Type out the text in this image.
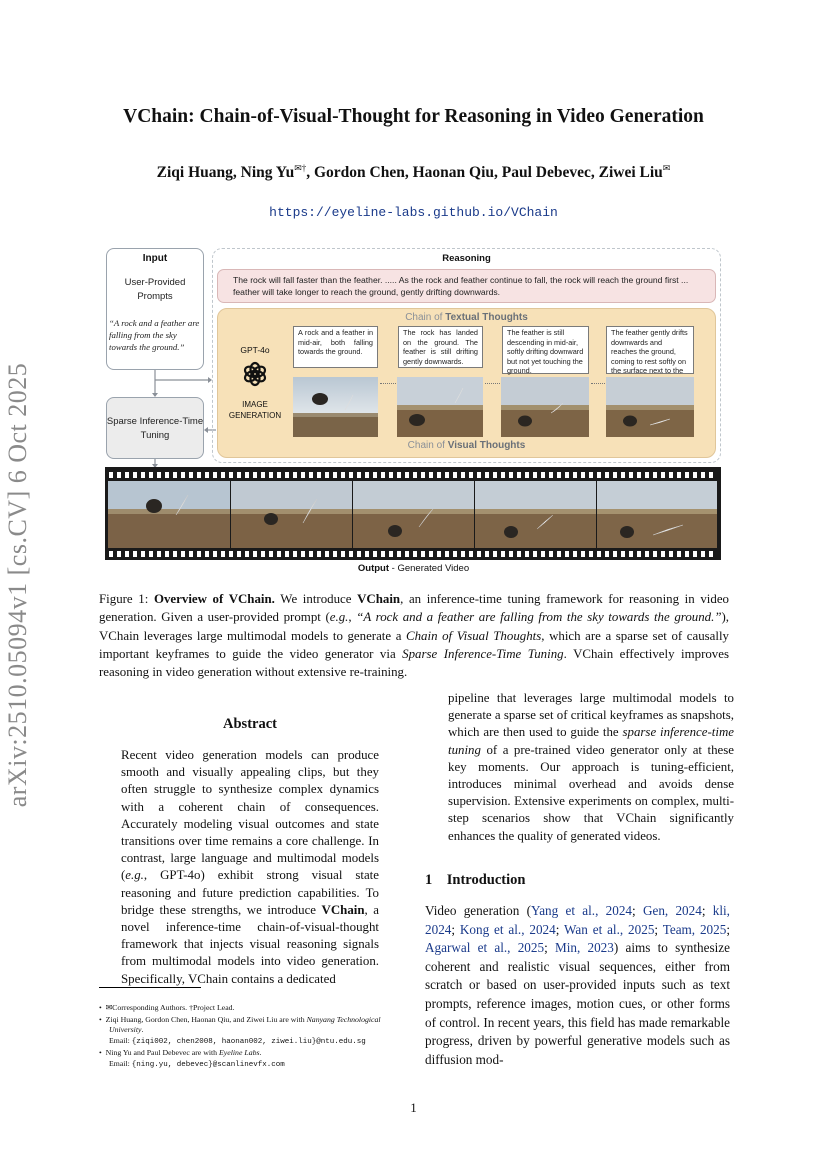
arXiv:2510.05094v1 [cs.CV] 6 Oct 2025
VChain: Chain-of-Visual-Thought for Reasoning in Video Generation
Ziqi Huang, Ning Yu✉†, Gordon Chen, Haonan Qiu, Paul Debevec, Ziwei Liu✉
https://eyeline-labs.github.io/VChain
Input
User-Provided Prompts
“A rock and a feather are falling from the sky towards the ground.”
Sparse Inference-Time Tuning
Reasoning
The rock will fall faster than the feather. ..... As the rock and feather continue to fall, the rock will reach the ground first ... feather will take longer to reach the ground, gently drifting downwards.
Chain of Textual Thoughts
Chain of Visual Thoughts
GPT-4o
IMAGE GENERATION
A rock and a feather in mid-air, both falling towards the ground.
The rock has landed on the ground. The feather is still drifting gently downwards.
The feather is still descending in mid-air, softly drifting downward but not yet touching the ground.
The feather gently drifts downwards and reaches the ground, coming to rest softly on the surface next to the
Output - Generated Video
Figure 1: Overview of VChain. We introduce VChain, an inference-time tuning framework for reasoning in video generation. Given a user-provided prompt (e.g., “A rock and a feather are falling from the sky towards the ground.”), VChain leverages large multimodal models to generate a Chain of Visual Thoughts, which are a sparse set of causally important keyframes to guide the video generator via Sparse Inference-Time Tuning. VChain effectively improves reasoning in video generation without extensive re-training.
Abstract
Recent video generation models can produce smooth and visually appealing clips, but they often struggle to synthesize complex dynamics with a coherent chain of consequences. Accurately modeling visual outcomes and state transitions over time remains a core challenge. In contrast, large language and multimodal models (e.g., GPT-4o) exhibit strong visual state reasoning and future prediction capabilities. To bridge these strengths, we introduce VChain, a novel inference-time chain-of-visual-thought framework that injects visual reasoning signals from multimodal models into video generation. Specifically, VChain contains a dedicated
pipeline that leverages large multimodal models to generate a sparse set of critical keyframes as snapshots, which are then used to guide the sparse inference-time tuning of a pre-trained video generator only at these key moments. Our approach is tuning-efficient, introduces minimal overhead and avoids dense supervision. Extensive experiments on complex, multi-step scenarios show that VChain significantly enhances the quality of generated videos.
1    Introduction
Video generation (Yang et al., 2024; Gen, 2024; kli, 2024; Kong et al., 2024; Wan et al., 2025; Team, 2025; Agarwal et al., 2025; Min, 2023) aims to synthesize coherent and realistic visual sequences, either from scratch or based on user-provided inputs such as text prompts, reference images, motion cues, or other forms of control. In recent years, this field has made remarkable progress, driven by powerful generative models such as diffusion mod-
• ✉Corresponding Authors. †Project Lead.
• Ziqi Huang, Gordon Chen, Haonan Qiu, and Ziwei Liu are with Nanyang Technological University.
Email: {ziqi002, chen2008, haonan002, ziwei.liu}@ntu.edu.sg
• Ning Yu and Paul Debevec are with Eyeline Labs.
Email: {ning.yu, debevec}@scanlinevfx.com
1
